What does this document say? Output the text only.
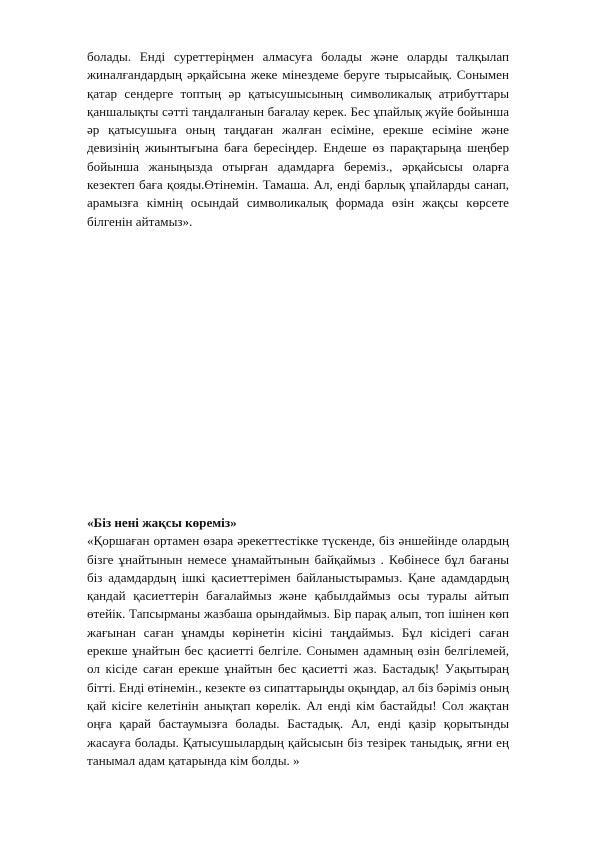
болады. Енді суреттеріңмен алмасуға болады және оларды талқылап жиналғандардың әрқайсына жеке мінездеме беруге тырысайық. Сонымен қатар сендерге топтың әр қатысушысының символикалық атрибуттары қаншалықты сәтті таңдалғанын бағалау керек. Бес ұпайлық жүйе бойынша әр қатысушыға оның таңдаған жалған есіміне, ерекше есіміне және девизінің жиынтығына баға бересіңдер. Ендеше өз парақтарыңа шеңбер бойынша жаныңызда отырған адамдарға береміз., әрқайсысы оларға кезектеп баға қояды.Өтінемін. Тамаша. Ал, енді барлық ұпайларды санап, арамызға кімнің осындай символикалық формада өзін жақсы көрсете білгенін айтамыз».

«Біз нені жақсы көреміз»

«Қоршаған ортамен өзара әрекеттестікке түскенде, біз әншейінде олардың бізге ұнайтынын немесе ұнамайтынын байқаймыз . Көбінесе бұл бағаны біз адамдардың ішкі қасиеттерімен байланыстырамыз. Қане адамдардың қандай қасиеттерін бағалаймыз және қабылдаймыз осы туралы айтып өтейік. Тапсырманы жазбаша орындаймыз. Бір парақ алып, топ ішінен көп жағынан саған ұнамды көрінетін кісіні таңдаймыз. Бұл кісідегі саған ерекше ұнайтын бес қасиетті белгіле. Сонымен адамның өзін белгілемей, ол кісіде саған ерекше ұнайтын бес қасиетті жаз. Бастадық! Уақытыраң бітті. Енді өтінемін., кезекте өз сипаттарыңды оқыңдар, ал біз бәріміз оның қай кісіге келетінін анықтап көрелік. Ал енді кім бастайды! Сол жақтан оңға қарай бастаумызға болады. Бастадық. Ал, енді қазір қорытынды жасауға болады. Қатысушылардың қайсысын біз тезірек таныдық, яғни ең танымал адам қатарында кім болды. »
